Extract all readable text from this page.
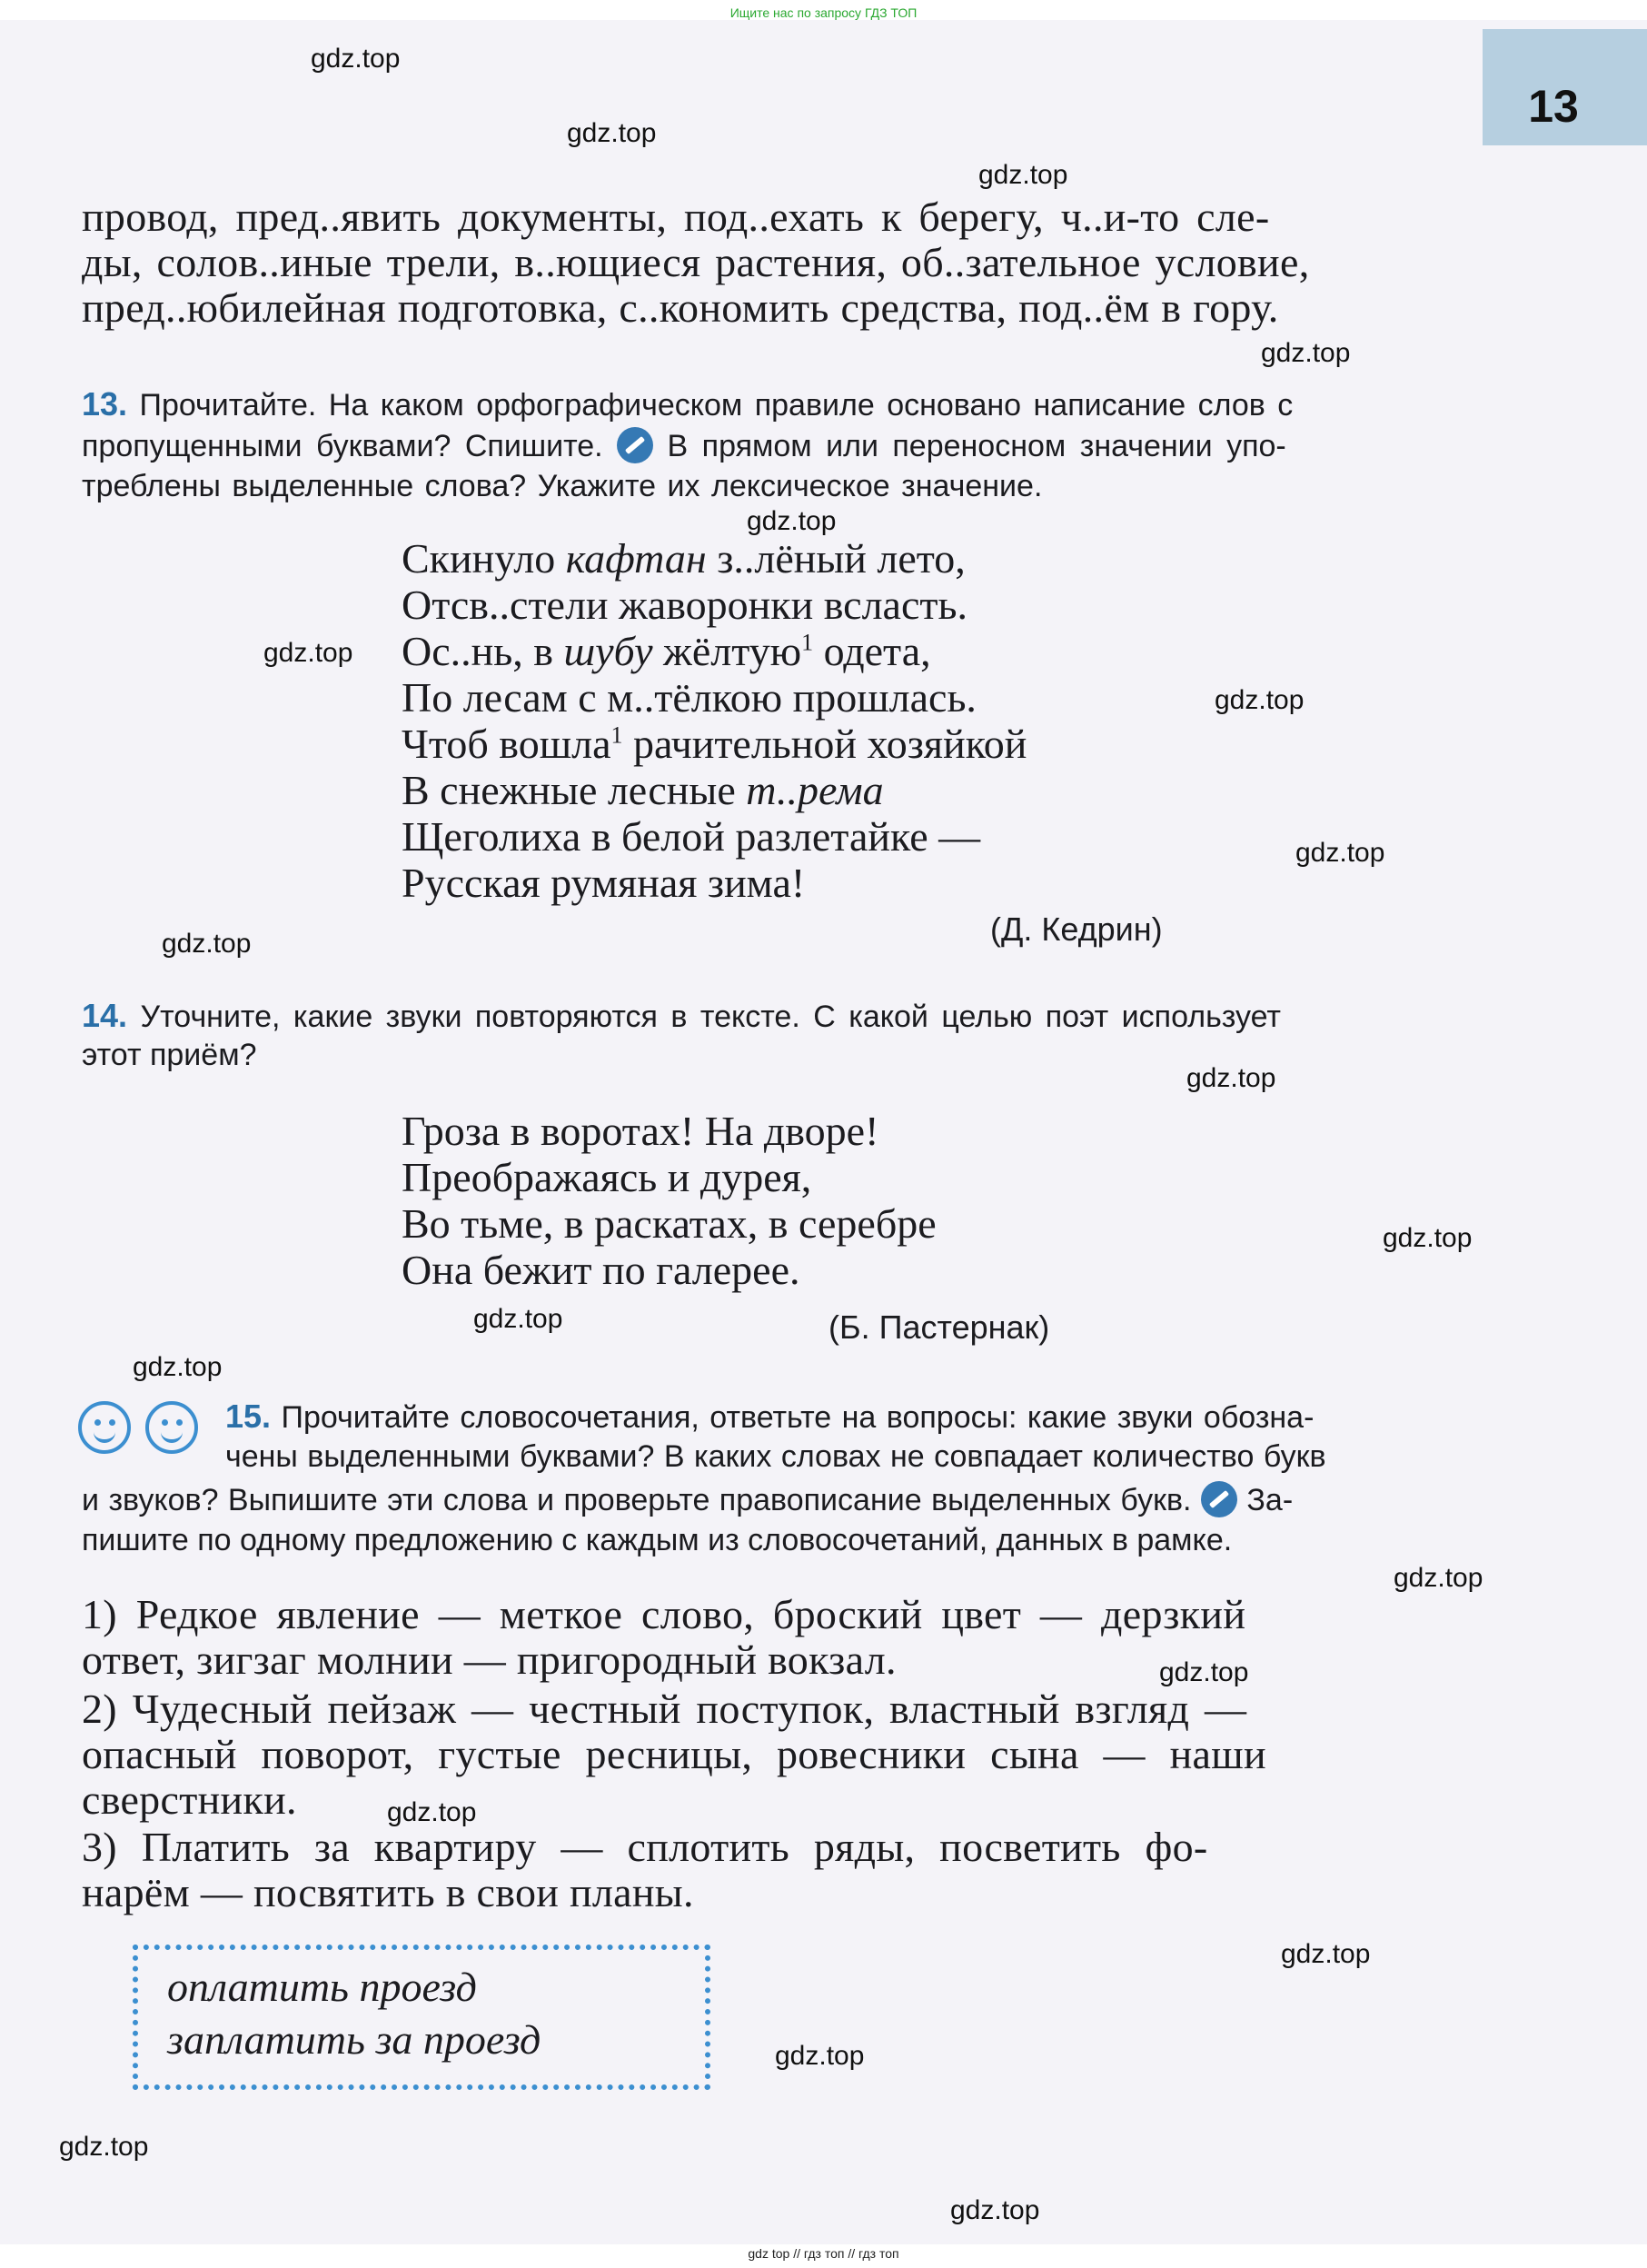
Ищите нас по запросу ГДЗ ТОП
13
gdz.top
gdz.top
gdz.top
gdz.top
gdz.top
gdz.top
gdz.top
gdz.top
gdz.top
gdz.top
gdz.top
gdz.top
gdz.top
gdz.top
gdz.top
gdz.top
gdz.top
gdz.top
gdz.top
gdz.top
провод, пред..явить документы, под..ехать к берегу, ч..и-то сле-
ды, солов..иные трели, в..ющиеся растения, об..зательное условие,
пред..юбилейная подготовка, с..кономить средства, под..ём в гору.
13. Прочитайте. На каком орфографическом правиле основано написание слов с
пропущенными буквами? Спишите. В прямом или переносном значении упо-
треблены выделенные слова? Укажите их лексическое значение.
Скинуло кафтан з..лёный лето,
Отсв..стели жаворонки всласть.
Ос..нь, в шубу жёлтую$^1$ одета,
По лесам с м..тёлкою прошлась.
Чтоб вошла$^1$ рачительной хозяйкой
В снежные лесные т..рема
Щеголиха в белой разлетайке —
Русская румяная зима!
(Д. Кедрин)
14. Уточните, какие звуки повторяются в тексте. С какой целью поэт использует
этот приём?
Гроза в воротах! На дворе!
Преображаясь и дурея,
Во тьме, в раскатах, в серебре
Она бежит по галерее.
(Б. Пастернак)
15. Прочитайте словосочетания, ответьте на вопросы: какие звуки обозна-
чены выделенными буквами? В каких словах не совпадает количество букв
и звуков? Выпишите эти слова и проверьте правописание выделенных букв. За-
пишите по одному предложению с каждым из словосочетаний, данных в рамке.
1) Редкое явление — меткое слово, броский цвет — дерзкий
ответ, зигзаг молнии — пригородный вокзал.
2) Чудесный пейзаж — честный поступок, властный взгляд —
опасный поворот, густые ресницы, ровесники сына — наши
сверстники.
3) Платить за квартиру — сплотить ряды, посветить фо-
нарём — посвятить в свои планы.
оплатить проезд
заплатить за проезд
gdz top // гдз топ // гдз топ
